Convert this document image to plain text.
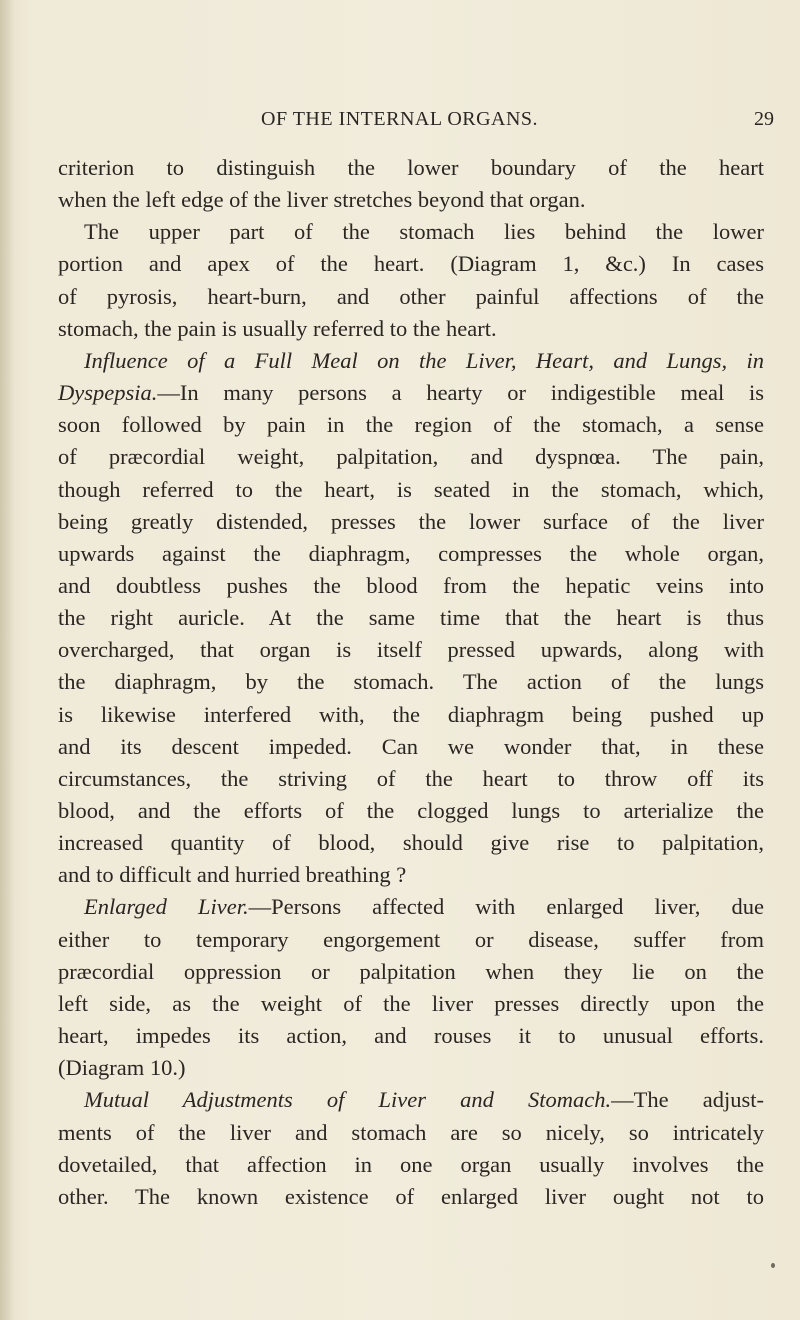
OF THE INTERNAL ORGANS.	29
criterion to distinguish the lower boundary of the heart
when the left edge of the liver stretches beyond that organ.
The upper part of the stomach lies behind the lower
portion and apex of the heart. (Diagram 1, &c.) In cases
of pyrosis, heart-burn, and other painful affections of the
stomach, the pain is usually referred to the heart.
Influence of a Full Meal on the Liver, Heart, and Lungs, in
Dyspepsia.—In many persons a hearty or indigestible meal is
soon followed by pain in the region of the stomach, a sense
of præcordial weight, palpitation, and dyspnœa. The pain,
though referred to the heart, is seated in the stomach, which,
being greatly distended, presses the lower surface of the liver
upwards against the diaphragm, compresses the whole organ,
and doubtless pushes the blood from the hepatic veins into
the right auricle. At the same time that the heart is thus
overcharged, that organ is itself pressed upwards, along with
the diaphragm, by the stomach. The action of the lungs
is likewise interfered with, the diaphragm being pushed up
and its descent impeded. Can we wonder that, in these
circumstances, the striving of the heart to throw off its
blood, and the efforts of the clogged lungs to arterialize the
increased quantity of blood, should give rise to palpitation,
and to difficult and hurried breathing ?
Enlarged Liver.—Persons affected with enlarged liver, due
either to temporary engorgement or disease, suffer from
præcordial oppression or palpitation when they lie on the
left side, as the weight of the liver presses directly upon the
heart, impedes its action, and rouses it to unusual efforts.
(Diagram 10.)
Mutual Adjustments of Liver and Stomach.—The adjust-
ments of the liver and stomach are so nicely, so intricately
dovetailed, that affection in one organ usually involves the
other. The known existence of enlarged liver ought not to
